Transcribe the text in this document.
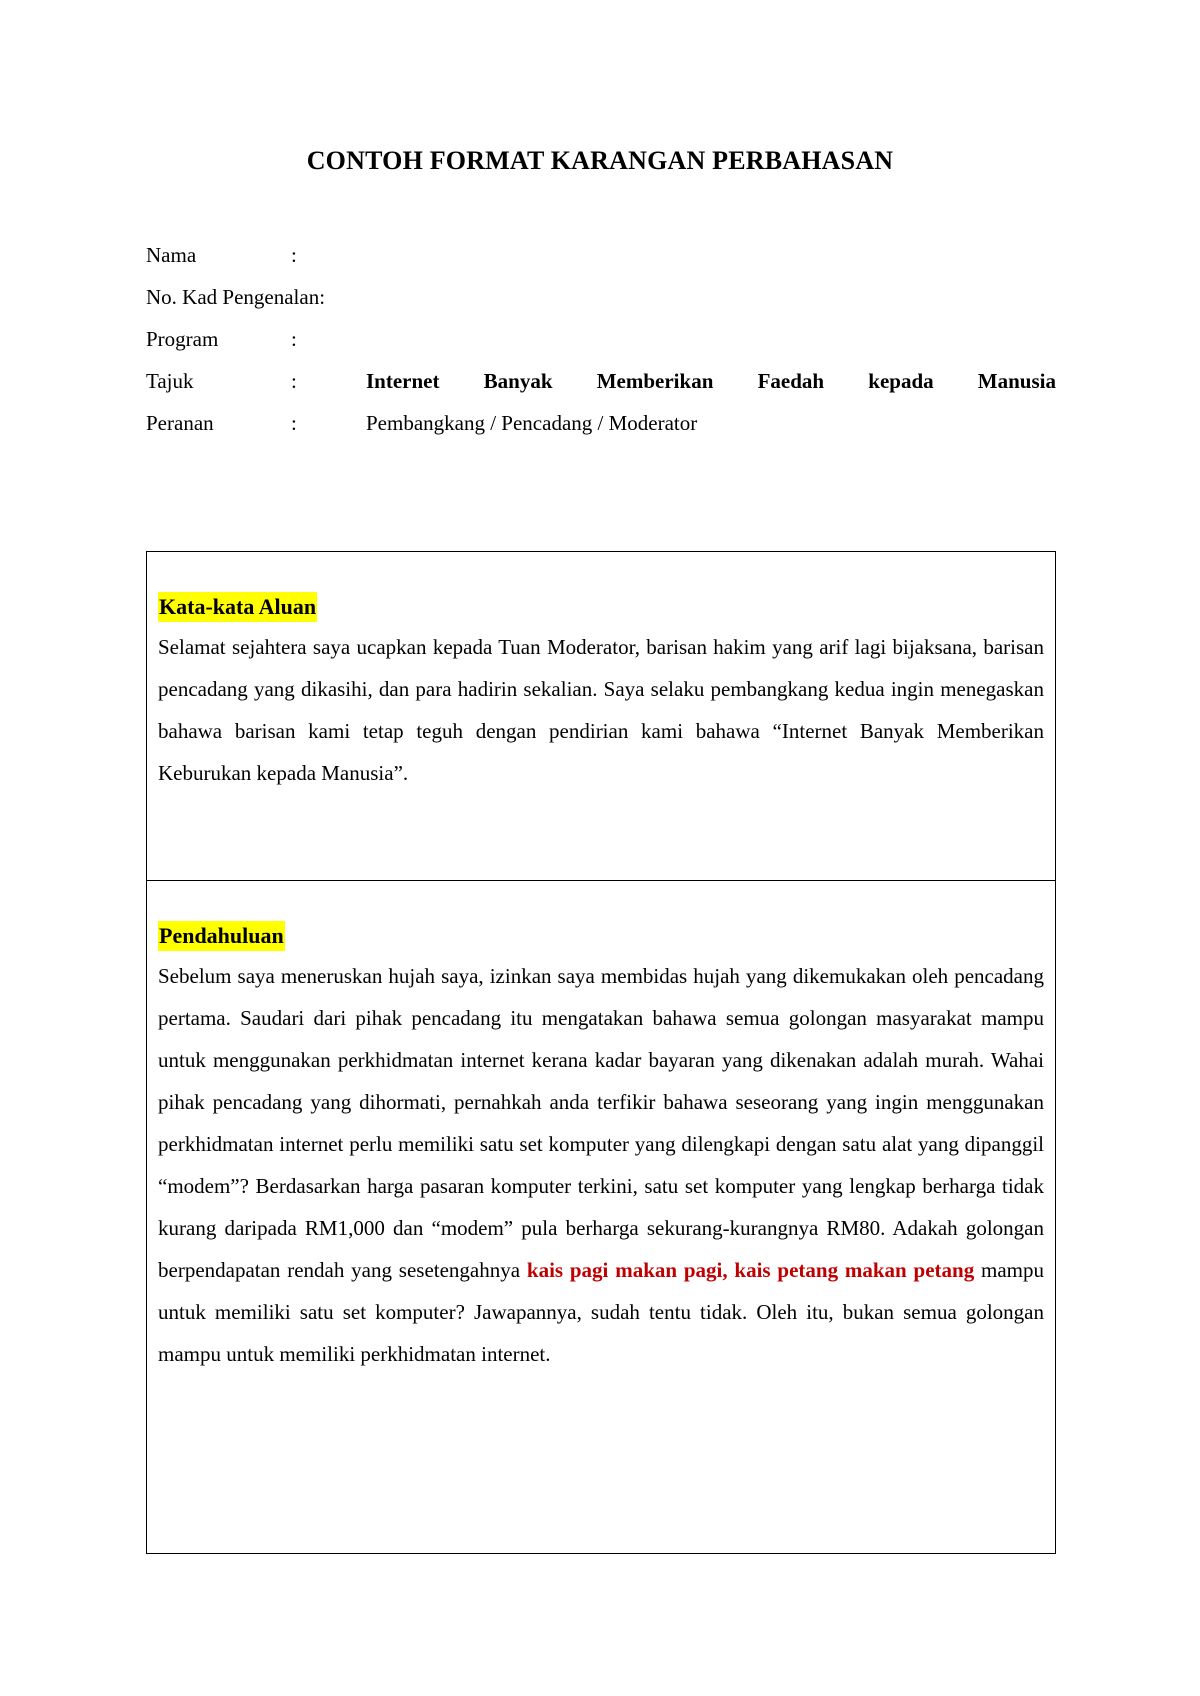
CONTOH FORMAT KARANGAN PERBAHASAN
Nama	:
No. Kad Pengenalan:
Program	:
Tajuk	:	Internet Banyak Memberikan Faedah kepada Manusia
Peranan	:	Pembangkang / Pencadang / Moderator
Kata-kata Aluan

Selamat sejahtera saya ucapkan kepada Tuan Moderator, barisan hakim yang arif lagi bijaksana, barisan pencadang yang dikasihi, dan para hadirin sekalian. Saya selaku pembangkang kedua ingin menegaskan bahawa barisan kami tetap teguh dengan pendirian kami bahawa “Internet Banyak Memberikan Keburukan kepada Manusia”.

Pendahuluan

Sebelum saya meneruskan hujah saya, izinkan saya membidas hujah yang dikemukakan oleh pencadang pertama. Saudari dari pihak pencadang itu mengatakan bahawa semua golongan masyarakat mampu untuk menggunakan perkhidmatan internet kerana kadar bayaran yang dikenakan adalah murah. Wahai pihak pencadang yang dihormati, pernahkah anda terfikir bahawa seseorang yang ingin menggunakan perkhidmatan internet perlu memiliki satu set komputer yang dilengkapi dengan satu alat yang dipanggil “modem”? Berdasarkan harga pasaran komputer terkini, satu set komputer yang lengkap berharga tidak kurang daripada RM1,000 dan “modem” pula berharga sekurang-kurangnya RM80. Adakah golongan berpendapatan rendah yang sesetengahnya kais pagi makan pagi, kais petang makan petang mampu untuk memiliki satu set komputer? Jawapannya, sudah tentu tidak. Oleh itu, bukan semua golongan mampu untuk memiliki perkhidmatan internet.
